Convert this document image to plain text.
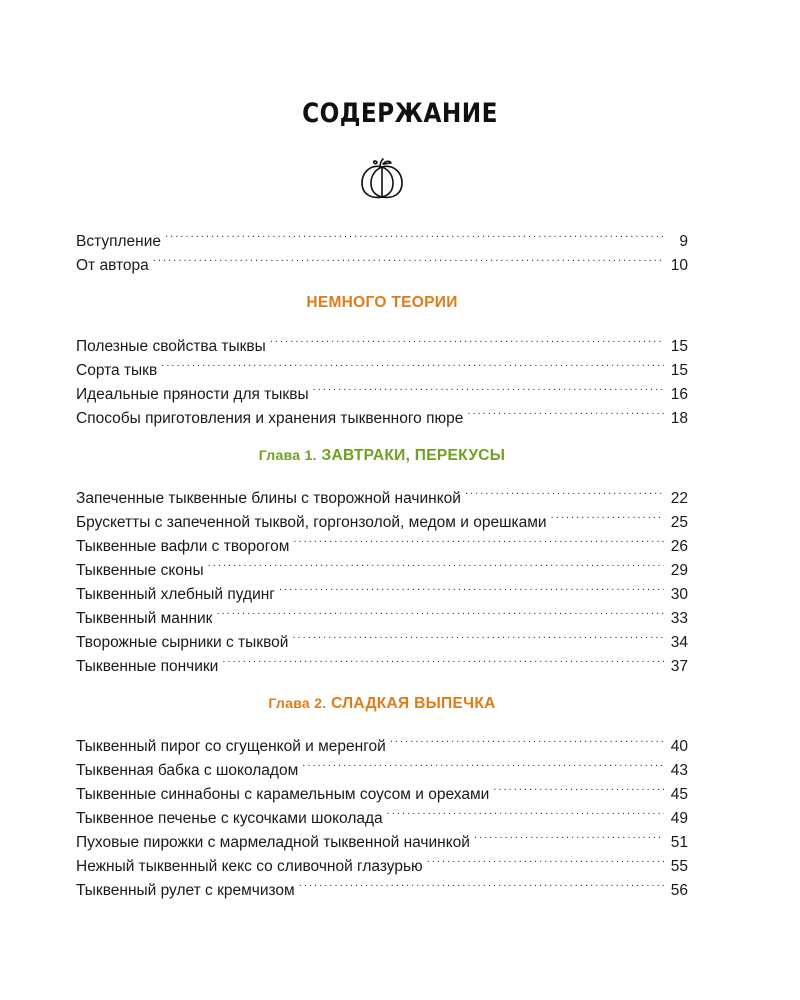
СОДЕРЖАНИЕ
Вступление . . .	9
От автора . . .	10
НЕМНОГО ТЕОРИИ
Полезные свойства тыквы . . .	15
Сорта тыкв . . .	15
Идеальные пряности для тыквы . . .	16
Способы приготовления и хранения тыквенного пюре . . .	18
Глава 1. ЗАВТРАКИ, ПЕРЕКУСЫ
Запеченные тыквенные блины с творожной начинкой . . .	22
Брускетты с запеченной тыквой, горгонзолой, медом и орешками . . .	25
Тыквенные вафли с творогом . . .	26
Тыквенные сконы . . .	29
Тыквенный хлебный пудинг . . .	30
Тыквенный манник . . .	33
Творожные сырники с тыквой . . .	34
Тыквенные пончики . . .	37
Глава 2. СЛАДКАЯ ВЫПЕЧКА
Тыквенный пирог со сгущенкой и меренгой . . .	40
Тыквенная бабка с шоколадом . . .	43
Тыквенные синнабоны с карамельным соусом и орехами . . .	45
Тыквенное печенье с кусочками шоколада . . .	49
Пуховые пирожки с мармеладной тыквенной начинкой . . .	51
Нежный тыквенный кекс со сливочной глазурью . . .	55
Тыквенный рулет с кремчизом . . .	56
